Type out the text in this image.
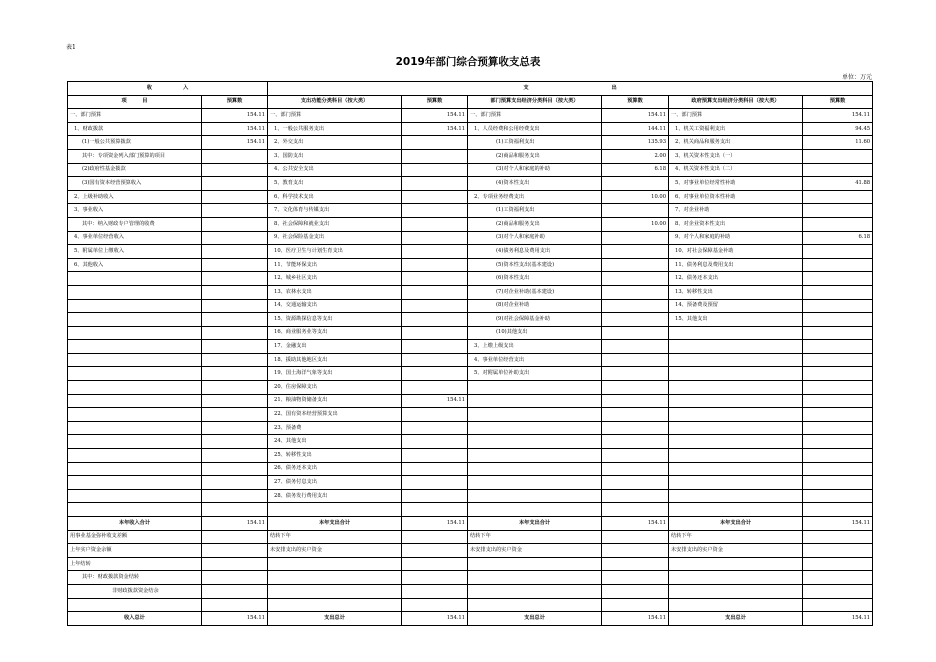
表1
2019年部门综合预算收支总表
单位：万元
收　　　　　　入		支　　　　　　　　　　　　　　　　出					
项　　　目	预算数	支出功能分类科目（按大类）	预算数	部门预算支出经济分类科目（按大类）	预算数	政府预算支出经济分类科目（按大类）	预算数
一、部门预算	154.11	一、部门预算	154.11	一、部门预算	154.11	一、部门预算	154.11
1、财政拨款	154.11	1、一般公共服务支出	154.11	1、人员经费和公用经费支出	144.11	1、机关工资福利支出	94.45
(1)一般公共预算拨款	154.11	2、外交支出		(1)工资福利支出	135.93	2、机关商品和服务支出	11.60
其中：专项资金列入部门预算的项目		3、国防支出		(2)商品和服务支出	2.00	3、机关资本性支出（一）	
(2)政府性基金拨款		4、公共安全支出		(3)对个人和家庭的补助	6.18	4、机关资本性支出（二）	
(3)国有资本经营预算收入		5、教育支出		(4)资本性支出		5、对事业单位经常性补助	41.88
2、上级补助收入		6、科学技术支出		2、专项业务经费支出	10.00	6、对事业单位资本性补助	
3、事业收入		7、文化体育与传媒支出		(1)工资福利支出		7、对企业补助	
其中：纳入财政专户管理的收费		8、社会保障和就业支出		(2)商品和服务支出	10.00	8、对企业资本性支出	
4、事业单位经营收入		9、社会保险基金支出		(3)对个人和家庭补助		9、对个人和家庭的补助	6.18
5、附属单位上缴收入		10、医疗卫生与计划生育支出		(4)债务利息及费用支出		10、对社会保障基金补助	
6、其他收入		11、节能环保支出		(5)资本性支出(基本建设)		11、债务利息及费用支出	
		12、城乡社区支出		(6)资本性支出		12、债务还本支出	
		13、农林水支出		(7)对企业补助(基本建设)		13、转移性支出	
		14、交通运输支出		(8)对企业补助		14、预备费及预留	
		15、资源勘探信息等支出		(9)对社会保障基金补助		15、其他支出	
		16、商业服务业等支出		(10)其他支出			
		17、金融支出		3、上缴上级支出			
		18、援助其他地区支出		4、事业单位经营支出			
		19、国土海洋气象等支出		5、对附属单位补助支出			
		20、住房保障支出					
		21、粮油物资储备支出	154.11				
		22、国有资本经营预算支出					
		23、预备费					
		24、其他支出					
		25、转移性支出					
		26、债务还本支出					
		27、债务付息支出					
		28、债务发行费用支出					

本年收入合计	154.11	本年支出合计	154.11	本年支出合计	154.11	本年支出合计	154.11
用事业基金弥补收支差额		结转下年		结转下年		结转下年	
上年实户资金余额		未安排支出的实户资金		未安排支出的实户资金		未安排支出的实户资金	
上年结转							
其中：财政拨款资金结转							
非财政拨款资金结余							

收入总计	154.11	支出总计	154.11	支出总计	154.11	支出总计	154.11
